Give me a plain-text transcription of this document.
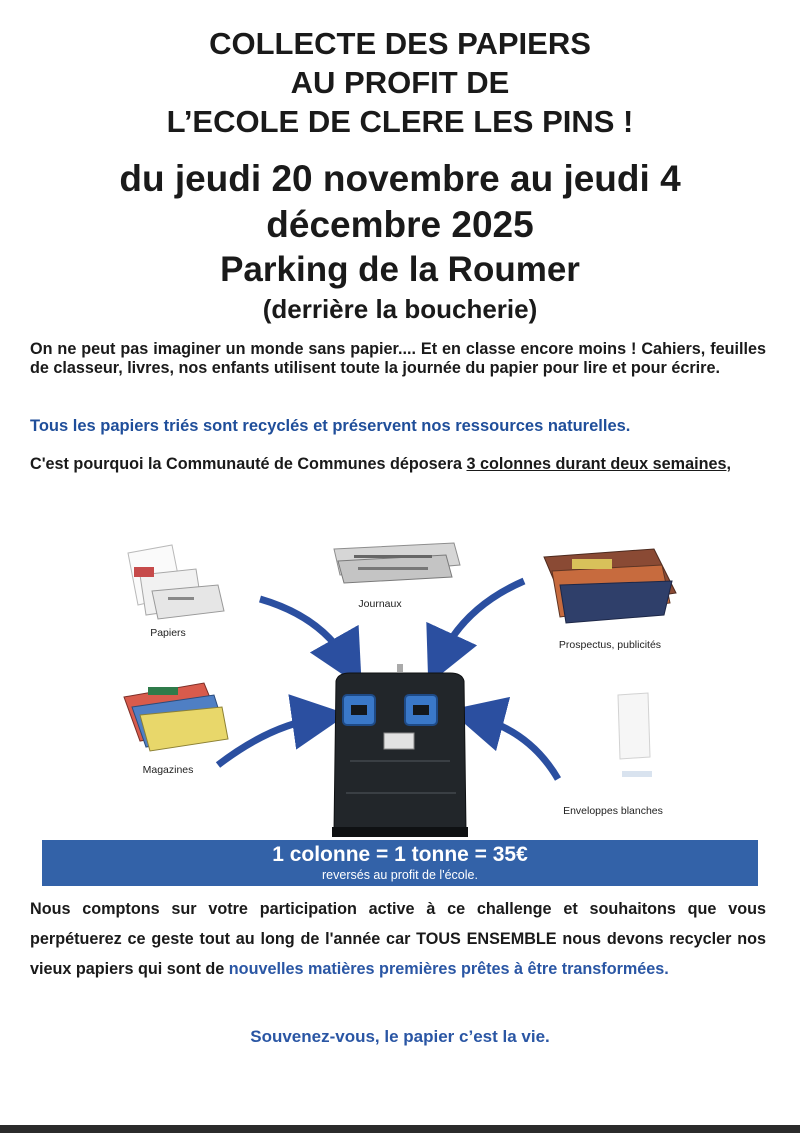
COLLECTE DES PAPIERS
AU PROFIT DE
L’ECOLE DE CLERE LES PINS !
du jeudi 20 novembre au jeudi 4
décembre 2025
Parking de la Roumer
(derrière la boucherie)
On ne peut pas imaginer un monde sans papier.... Et en classe encore moins ! Cahiers, feuilles de classeur, livres, nos enfants utilisent toute la journée du papier pour lire et pour écrire.
Tous les papiers triés sont recyclés et préservent nos ressources naturelles.
C'est pourquoi la Communauté de Communes déposera 3 colonnes durant deux semaines,
Papiers
Journaux
Prospectus, publicités
Magazines
Enveloppes blanches
1 colonne = 1 tonne = 35€
reversés au profit de l'école.
Nous comptons sur votre participation active à ce challenge et souhaitons que vous perpétuerez ce geste tout au long de l'année car TOUS ENSEMBLE nous devons recycler nos vieux papiers qui sont de nouvelles matières premières prêtes à être transformées.
Souvenez-vous, le papier c’est la vie.
